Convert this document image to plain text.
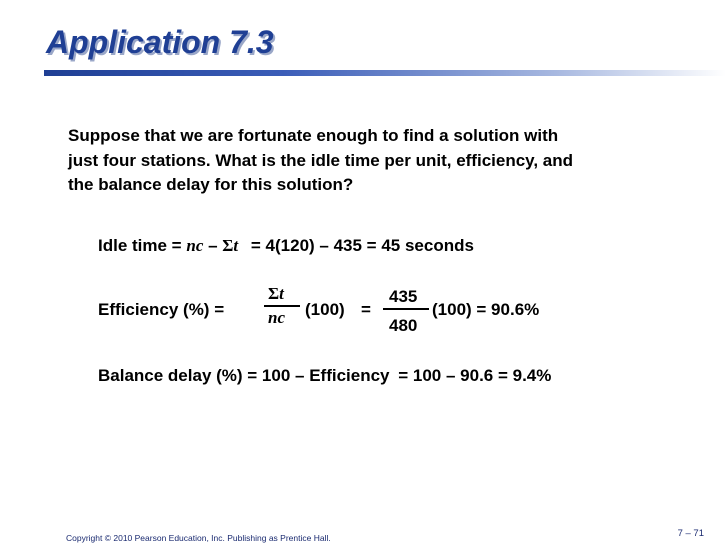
Application 7.3
Suppose that we are fortunate enough to find a solution with
just four stations. What is the idle time per unit, efficiency, and
the balance delay for this solution?
Idle time = nc – Σt = 4(120) – 435 = 45 seconds
Efficiency (%) =
Σt
nc (100) =
435
480
(100) = 90.6%
Balance delay (%) = 100 – Efficiency = 100 – 90.6 = 9.4%
Copyright © 2010 Pearson Education, Inc. Publishing as Prentice Hall.	7 – 71
